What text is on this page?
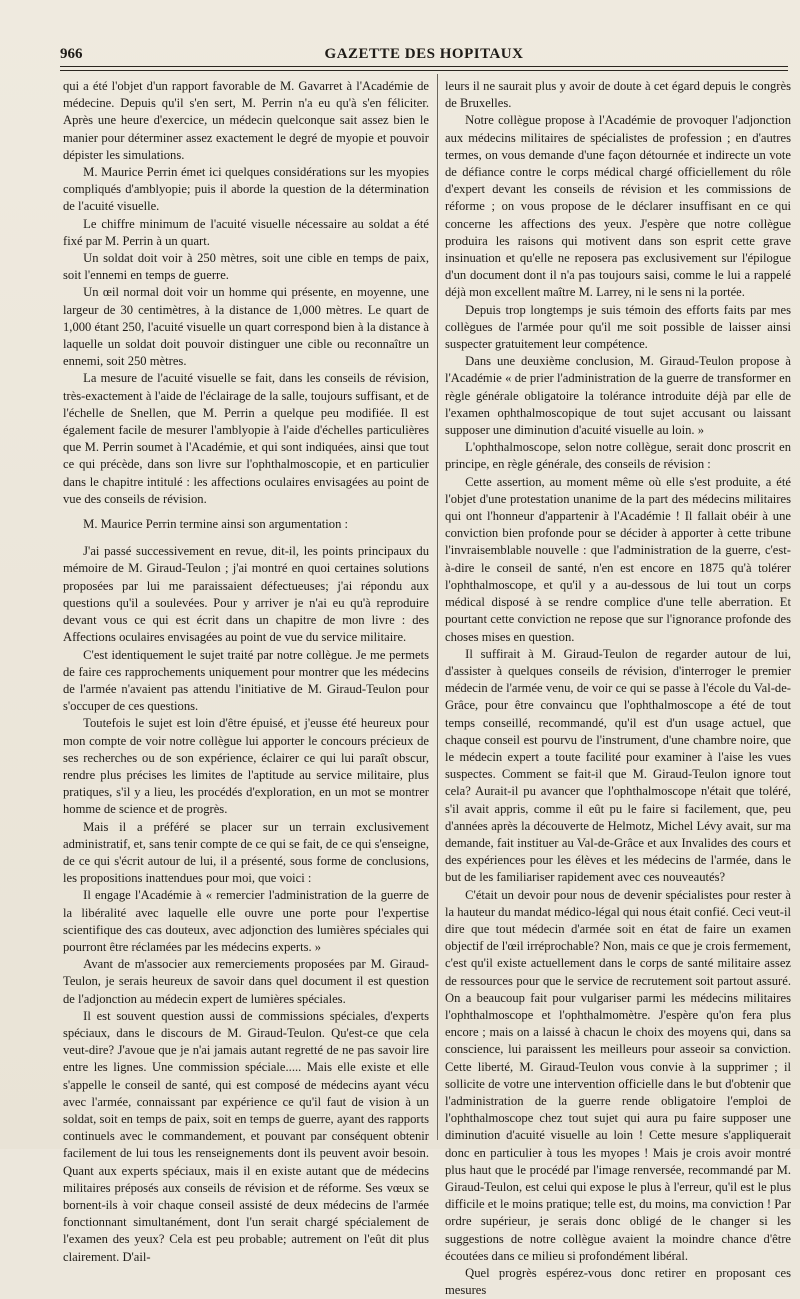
966	GAZETTE DES HOPITAUX

qui a été l'objet d'un rapport favorable de M. Gavarret à l'Académie de médecine. Depuis qu'il s'en sert, M. Perrin n'a eu qu'à s'en féliciter. Après une heure d'exercice, un médecin quelconque sait assez bien le manier pour déterminer assez exactement le degré de myopie et pouvoir dépister les simulations.

M. Maurice Perrin émet ici quelques considérations sur les myopies compliqués d'amblyopie; puis il aborde la question de la détermination de l'acuité visuelle.

Le chiffre minimum de l'acuité visuelle nécessaire au soldat a été fixé par M. Perrin à un quart.

Un soldat doit voir à 250 mètres, soit une cible en temps de paix, soit l'ennemi en temps de guerre.

Un œil normal doit voir un homme qui présente, en moyenne, une largeur de 30 centimètres, à la distance de 1,000 mètres. Le quart de 1,000 étant 250, l'acuité visuelle un quart correspond bien à la distance à laquelle un soldat doit pouvoir distinguer une cible ou reconnaître un ennemi, soit 250 mètres.

La mesure de l'acuité visuelle se fait, dans les conseils de révision, très-exactement à l'aide de l'éclairage de la salle, toujours suffisant, et de l'échelle de Snellen, que M. Perrin a quelque peu modifiée. Il est également facile de mesurer l'amblyopie à l'aide d'échelles particulières que M. Perrin soumet à l'Académie, et qui sont indiquées, ainsi que tout ce qui précède, dans son livre sur l'ophthalmoscopie, et en particulier dans le chapitre intitulé : les affections oculaires envisagées au point de vue des conseils de révision.

M. Maurice Perrin termine ainsi son argumentation :

J'ai passé successivement en revue, dit-il, les points principaux du mémoire de M. Giraud-Teulon ; j'ai montré en quoi certaines solutions proposées par lui me paraissaient défectueuses; j'ai répondu aux questions qu'il a soulevées. Pour y arriver je n'ai eu qu'à reproduire devant vous ce qui est écrit dans un chapitre de mon livre : des Affections oculaires envisagées au point de vue du service militaire.

C'est identiquement le sujet traité par notre collègue. Je me permets de faire ces rapprochements uniquement pour montrer que les médecins de l'armée n'avaient pas attendu l'initiative de M. Giraud-Teulon pour s'occuper de ces questions.

Toutefois le sujet est loin d'être épuisé, et j'eusse été heureux pour mon compte de voir notre collègue lui apporter le concours précieux de ses recherches ou de son expérience, éclairer ce qui lui paraît obscur, rendre plus précises les limites de l'aptitude au service militaire, plus pratiques, s'il y a lieu, les procédés d'exploration, en un mot se montrer homme de science et de progrès.

Mais il a préféré se placer sur un terrain exclusivement administratif, et, sans tenir compte de ce qui se fait, de ce qui s'enseigne, de ce qui s'écrit autour de lui, il a présenté, sous forme de conclusions, les propositions inattendues pour moi, que voici :

Il engage l'Académie à « remercier l'administration de la guerre de la libéralité avec laquelle elle ouvre une porte pour l'expertise scientifique des cas douteux, avec adjonction des lumières spéciales qui pourront être réclamées par les médecins experts. »

Avant de m'associer aux remerciements proposées par M. Giraud-Teulon, je serais heureux de savoir dans quel document il est question de l'adjonction au médecin expert de lumières spéciales.

Il est souvent question aussi de commissions spéciales, d'experts spéciaux, dans le discours de M. Giraud-Teulon. Qu'est-ce que cela veut-dire? J'avoue que je n'ai jamais autant regretté de ne pas savoir lire entre les lignes. Une commission spéciale..... Mais elle existe et elle s'appelle le conseil de santé, qui est composé de médecins ayant vécu avec l'armée, connaissant par expérience ce qu'il faut de vision à un soldat, soit en temps de paix, soit en temps de guerre, ayant des rapports continuels avec le commandement, et pouvant par conséquent obtenir facilement de lui tous les renseignements dont ils peuvent avoir besoin. Quant aux experts spéciaux, mais il en existe autant que de médecins militaires préposés aux conseils de révision et de réforme. Ses vœux se bornent-ils à voir chaque conseil assisté de deux médecins de l'armée fonctionnant simultanément, dont l'un serait chargé spécialement de l'examen des yeux? Cela est peu probable; autrement on l'eût dit plus clairement. D'ail-

leurs il ne saurait plus y avoir de doute à cet égard depuis le congrès de Bruxelles.

Notre collègue propose à l'Académie de provoquer l'adjonction aux médecins militaires de spécialistes de profession ; en d'autres termes, on vous demande d'une façon détournée et indirecte un vote de défiance contre le corps médical chargé officiellement du rôle d'expert devant les conseils de révision et les commissions de réforme ; on vous propose de le déclarer insuffisant en ce qui concerne les affections des yeux. J'espère que notre collègue produira les raisons qui motivent dans son esprit cette grave insinuation et qu'elle ne reposera pas exclusivement sur l'épilogue d'un document dont il n'a pas toujours saisi, comme le lui a rappelé déjà mon excellent maître M. Larrey, ni le sens ni la portée.

Depuis trop longtemps je suis témoin des efforts faits par mes collègues de l'armée pour qu'il me soit possible de laisser ainsi suspecter gratuitement leur compétence.

Dans une deuxième conclusion, M. Giraud-Teulon propose à l'Académie « de prier l'administration de la guerre de transformer en règle générale obligatoire la tolérance introduite déjà par elle de l'examen ophthalmoscopique de tout sujet accusant ou laissant supposer une diminution d'acuité visuelle au loin. »

L'ophthalmoscope, selon notre collègue, serait donc proscrit en principe, en règle générale, des conseils de révision :

Cette assertion, au moment même où elle s'est produite, a été l'objet d'une protestation unanime de la part des médecins militaires qui ont l'honneur d'appartenir à l'Académie ! Il fallait obéir à une conviction bien profonde pour se décider à apporter à cette tribune l'invraisemblable nouvelle : que l'administration de la guerre, c'est-à-dire le conseil de santé, n'en est encore en 1875 qu'à tolérer l'ophthalmoscope, et qu'il y a au-dessous de lui tout un corps médical disposé à se rendre complice d'une telle aberration. Et pourtant cette conviction ne repose que sur l'ignorance profonde des choses mises en question.

Il suffirait à M. Giraud-Teulon de regarder autour de lui, d'assister à quelques conseils de révision, d'interroger le premier médecin de l'armée venu, de voir ce qui se passe à l'école du Val-de-Grâce, pour être convaincu que l'ophthalmoscope a été de tout temps conseillé, recommandé, qu'il est d'un usage actuel, que chaque conseil est pourvu de l'instrument, d'une chambre noire, que le médecin expert a toute facilité pour examiner à l'aise les vues suspectes. Comment se fait-il que M. Giraud-Teulon ignore tout cela? Aurait-il pu avancer que l'ophthalmoscope n'était que toléré, s'il avait appris, comme il eût pu le faire si facilement, que, peu d'années après la découverte de Helmotz, Michel Lévy avait, sur ma demande, fait instituer au Val-de-Grâce et aux Invalides des cours et des expériences pour les élèves et les médecins de l'armée, dans le but de les familiariser rapidement avec ces nouveautés?

C'était un devoir pour nous de devenir spécialistes pour rester à la hauteur du mandat médico-légal qui nous était confié. Ceci veut-il dire que tout médecin d'armée soit en état de faire un examen objectif de l'œil irréprochable? Non, mais ce que je crois fermement, c'est qu'il existe actuellement dans le corps de santé militaire assez de ressources pour que le service de recrutement soit partout assuré. On a beaucoup fait pour vulgariser parmi les médecins militaires l'ophthalmoscope et l'ophthalmomètre. J'espère qu'on fera plus encore ; mais on a laissé à chacun le choix des moyens qui, dans sa conscience, lui paraissent les meilleurs pour asseoir sa conviction. Cette liberté, M. Giraud-Teulon vous convie à la supprimer ; il sollicite de votre une intervention officielle dans le but d'obtenir que l'administration de la guerre rende obligatoire l'emploi de l'ophthalmoscope chez tout sujet qui aura pu faire supposer une diminution d'acuité visuelle au loin ! Cette mesure s'appliquerait donc en particulier à tous les myopes ! Mais je crois avoir montré plus haut que le procédé par l'image renversée, recommandé par M. Giraud-Teulon, est celui qui expose le plus à l'erreur, qu'il est le plus difficile et le moins pratique; telle est, du moins, ma conviction ! Par ordre supérieur, je serais donc obligé de le changer si les suggestions de notre collègue avaient la moindre chance d'être écoutées dans ce milieu si profondément libéral.

Quel progrès espérez-vous donc retirer en proposant ces mesures
